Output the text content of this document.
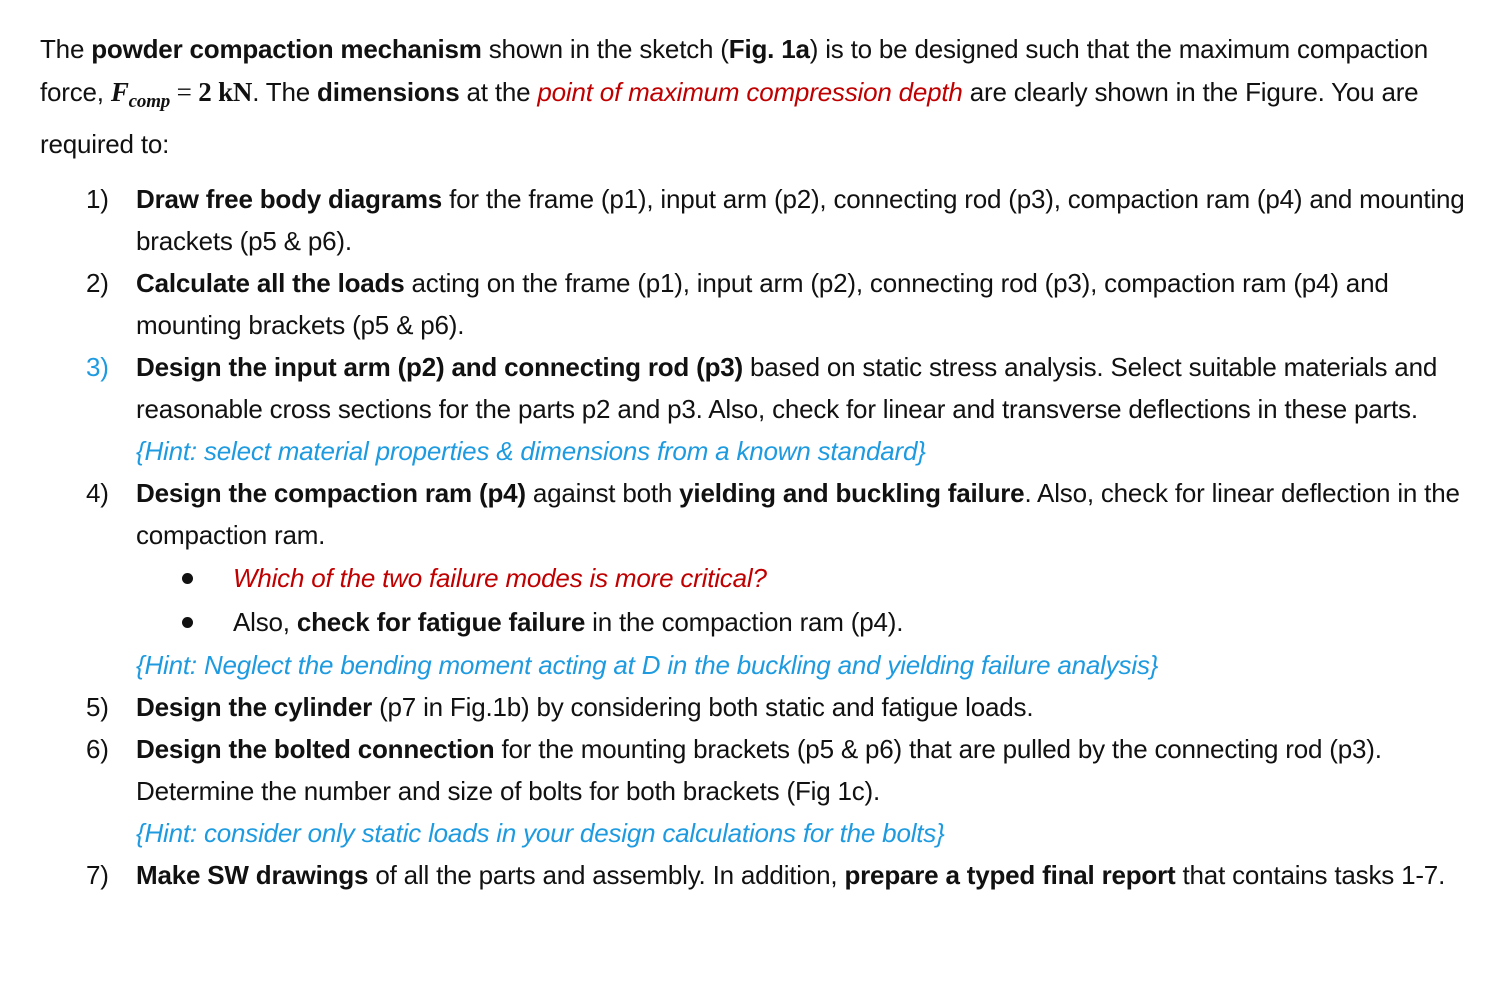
The powder compaction mechanism shown in the sketch (Fig. 1a) is to be designed such that the maximum compaction force, $F_{comp} = 2$ kN. The dimensions at the point of maximum compression depth are clearly shown in the Figure. You are required to:

1)	Draw free body diagrams for the frame (p1), input arm (p2), connecting rod (p3), compaction ram (p4) and mounting brackets (p5 & p6).

2)	Calculate all the loads acting on the frame (p1), input arm (p2), connecting rod (p3), compaction ram (p4) and mounting brackets (p5 & p6).

3)	Design the input arm (p2) and connecting rod (p3) based on static stress analysis. Select suitable materials and reasonable cross sections for the parts p2 and p3. Also, check for linear and transverse deflections in these parts.

{Hint: select material properties & dimensions from a known standard}

4)	Design the compaction ram (p4) against both yielding and buckling failure. Also, check for linear deflection in the compaction ram.

Which of the two failure modes is more critical?
Also, check for fatigue failure in the compaction ram (p4).

{Hint: Neglect the bending moment acting at D in the buckling and yielding failure analysis}

5)	Design the cylinder (p7 in Fig.1b) by considering both static and fatigue loads.

6)	Design the bolted connection for the mounting brackets (p5 & p6) that are pulled by the connecting rod (p3). Determine the number and size of bolts for both brackets (Fig 1c).

{Hint: consider only static loads in your design calculations for the bolts}

7)	Make SW drawings of all the parts and assembly. In addition, prepare a typed final report that contains tasks 1-7.
